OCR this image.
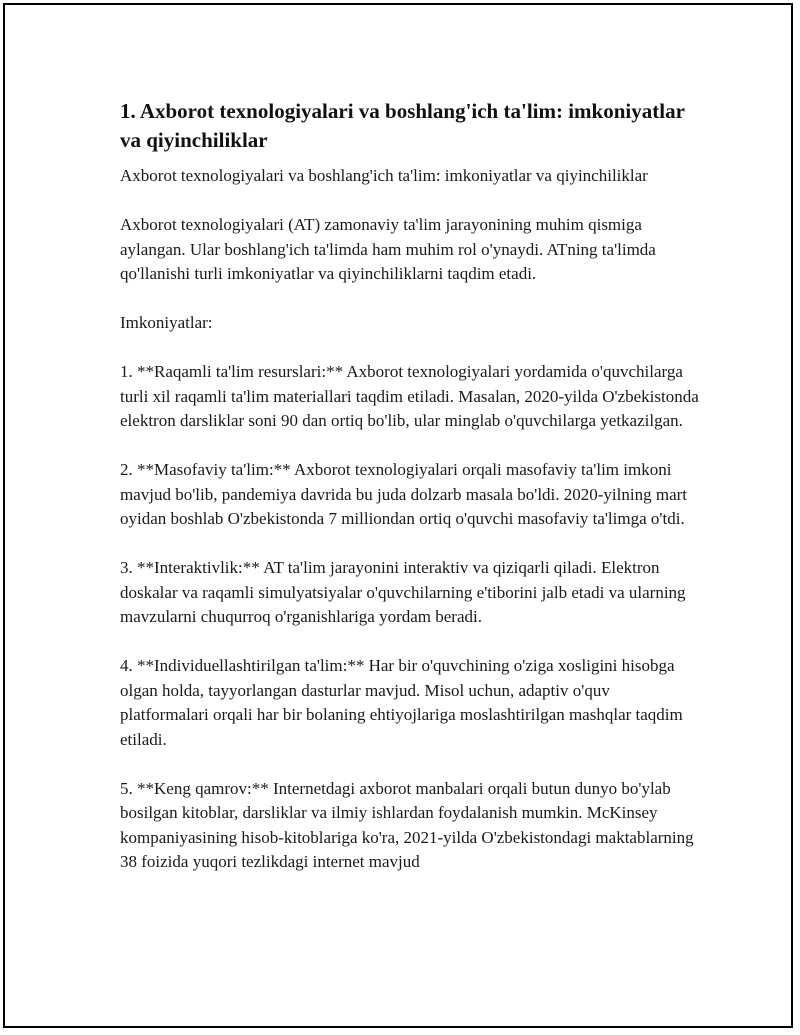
1. Axborot texnologiyalari va boshlang'ich ta'lim: imkoniyatlar va qiyinchiliklar

Axborot texnologiyalari va boshlang'ich ta'lim: imkoniyatlar va qiyinchiliklar

Axborot texnologiyalari (AT) zamonaviy ta'lim jarayonining muhim qismiga aylangan. Ular boshlang'ich ta'limda ham muhim rol o'ynaydi. ATning ta'limda qo'llanishi turli imkoniyatlar va qiyinchiliklarni taqdim etadi.

Imkoniyatlar:

1. **Raqamli ta'lim resurslari:** Axborot texnologiyalari yordamida o'quvchilarga turli xil raqamli ta'lim materiallari taqdim etiladi. Masalan, 2020-yilda O'zbekistonda elektron darsliklar soni 90 dan ortiq bo'lib, ular minglab o'quvchilarga yetkazilgan.

2. **Masofaviy ta'lim:** Axborot texnologiyalari orqali masofaviy ta'lim imkoni mavjud bo'lib, pandemiya davrida bu juda dolzarb masala bo'ldi. 2020-yilning mart oyidan boshlab O'zbekistonda 7 milliondan ortiq o'quvchi masofaviy ta'limga o'tdi.

3. **Interaktivlik:** AT ta'lim jarayonini interaktiv va qiziqarli qiladi. Elektron doskalar va raqamli simulyatsiyalar o'quvchilarning e'tiborini jalb etadi va ularning mavzularni chuqurroq o'rganishlariga yordam beradi.

4. **Individuellashtirilgan ta'lim:** Har bir o'quvchining o'ziga xosligini hisobga olgan holda, tayyorlangan dasturlar mavjud. Misol uchun, adaptiv o'quv platformalari orqali har bir bolaning ehtiyojlariga moslashtirilgan mashqlar taqdim etiladi.

5. **Keng qamrov:** Internetdagi axborot manbalari orqali butun dunyo bo'ylab bosilgan kitoblar, darsliklar va ilmiy ishlardan foydalanish mumkin. McKinsey kompaniyasining hisob-kitoblariga ko'ra, 2021-yilda O'zbekistondagi maktablarning 38 foizida yuqori tezlikdagi internet mavjud
